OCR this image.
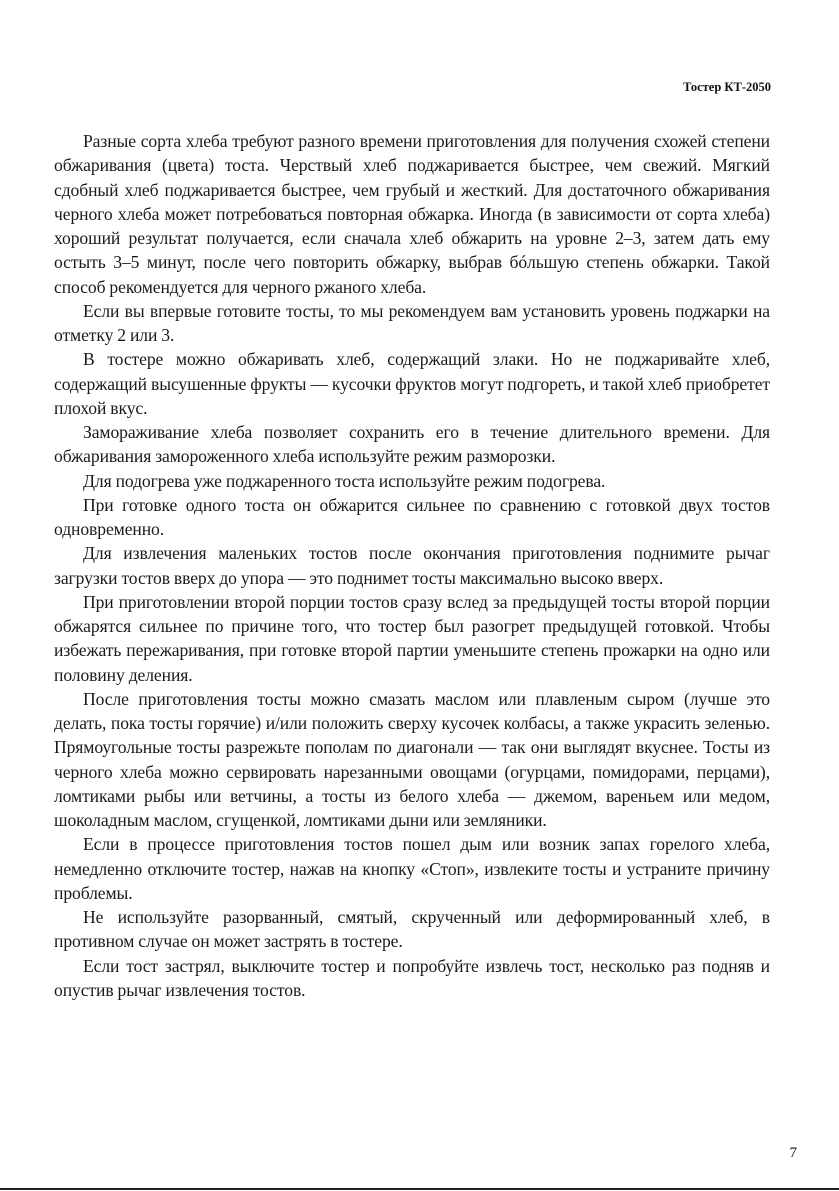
Тостер КТ-2050

Разные сорта хлеба требуют разного времени приготовления для получения схожей степени обжаривания (цвета) тоста. Черствый хлеб поджаривается быстрее, чем свежий. Мягкий сдобный хлеб поджаривается быстрее, чем грубый и жесткий. Для достаточного обжаривания черного хлеба может потребоваться повторная обжарка. Иногда (в зависимости от сорта хлеба) хороший результат получается, если сначала хлеб обжарить на уровне 2–3, затем дать ему остыть 3–5 минут, после чего повторить обжарку, выбрав бóльшую степень обжарки. Такой способ рекомендуется для черного ржаного хлеба.

Если вы впервые готовите тосты, то мы рекомендуем вам установить уровень поджарки на отметку 2 или 3.

В тостере можно обжаривать хлеб, содержащий злаки. Но не поджаривайте хлеб, содержащий высушенные фрукты — кусочки фруктов могут подгореть, и такой хлеб приобретет плохой вкус.

Замораживание хлеба позволяет сохранить его в течение длительного времени. Для обжаривания замороженного хлеба используйте режим разморозки.

Для подогрева уже поджаренного тоста используйте режим подогрева.

При готовке одного тоста он обжарится сильнее по сравнению с готовкой двух тостов одновременно.

Для извлечения маленьких тостов после окончания приготовления поднимите рычаг загрузки тостов вверх до упора — это поднимет тосты максимально высоко вверх.

При приготовлении второй порции тостов сразу вслед за предыдущей тосты второй порции обжарятся сильнее по причине того, что тостер был разогрет предыдущей готовкой. Чтобы избежать пережаривания, при готовке второй партии уменьшите степень прожарки на одно или половину деления.

После приготовления тосты можно смазать маслом или плавленым сыром (лучше это делать, пока тосты горячие) и/или положить сверху кусочек колбасы, а также украсить зеленью. Прямоугольные тосты разрежьте пополам по диагонали — так они выглядят вкуснее. Тосты из черного хлеба можно сервировать нарезанными овощами (огурцами, помидорами, перцами), ломтиками рыбы или ветчины, а тосты из белого хлеба — джемом, вареньем или медом, шоколадным маслом, сгущенкой, ломтиками дыни или земляники.

Если в процессе приготовления тостов пошел дым или возник запах горелого хлеба, немедленно отключите тостер, нажав на кнопку «Стоп», извлеките тосты и устраните причину проблемы.

Не используйте разорванный, смятый, скрученный или деформированный хлеб, в противном случае он может застрять в тостере.

Если тост застрял, выключите тостер и попробуйте извлечь тост, несколько раз подняв и опустив рычаг извлечения тостов.

7
